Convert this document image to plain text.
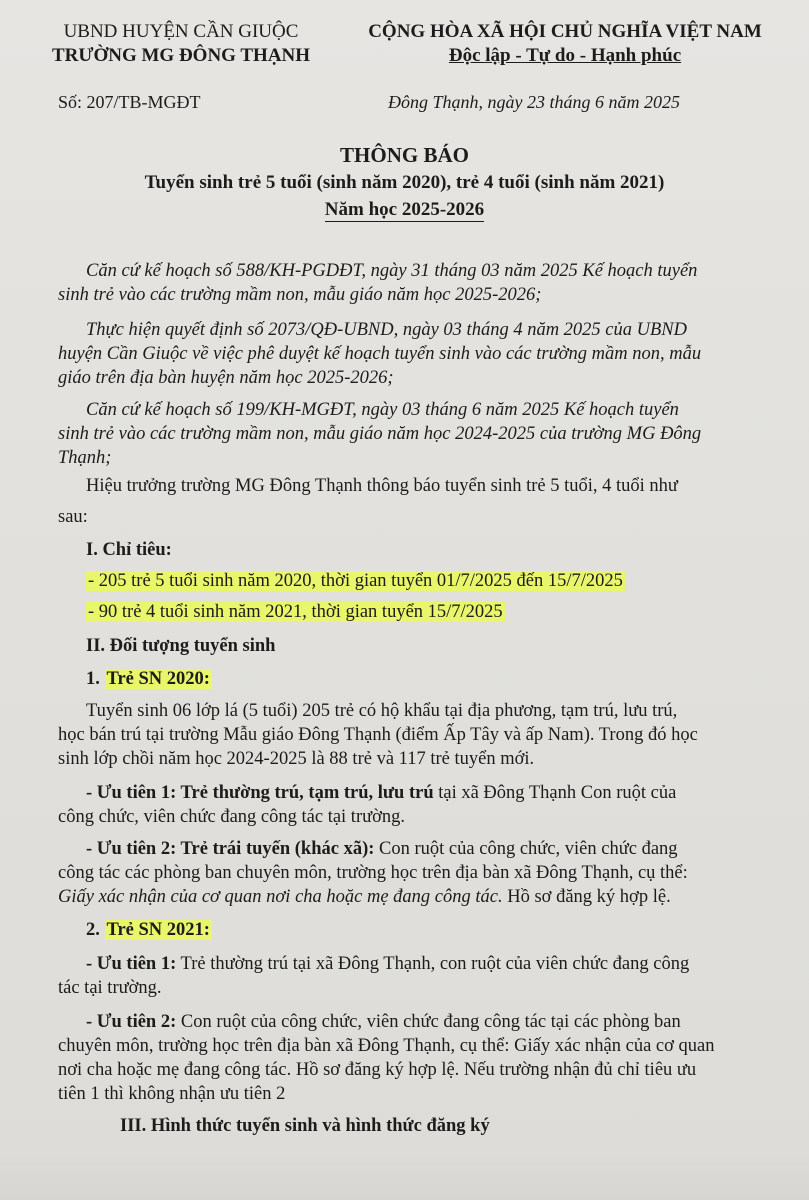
UBND HUYỆN CẦN GIUỘC
TRƯỜNG MG ĐÔNG THẠNH
CỘNG HÒA XÃ HỘI CHỦ NGHĨA VIỆT NAM
Độc lập - Tự do - Hạnh phúc
Số: 207/TB-MGĐT	Đông Thạnh, ngày 23 tháng 6 năm 2025
THÔNG BÁO
Tuyển sinh trẻ 5 tuổi (sinh năm 2020), trẻ 4 tuổi (sinh năm 2021)
Năm học 2025-2026
Căn cứ kế hoạch số 588/KH-PGDĐT, ngày 31 tháng 03 năm 2025 Kế hoạch tuyển
sinh trẻ vào các trường mầm non, mẫu giáo năm học 2025-2026;
Thực hiện quyết định số 2073/QĐ-UBND, ngày 03 tháng 4 năm 2025 của UBND
huyện Cần Giuộc về việc phê duyệt kế hoạch tuyển sinh vào các trường mầm non, mẫu
giáo trên địa bàn huyện năm học 2025-2026;
Căn cứ kế hoạch số 199/KH-MGĐT, ngày 03 tháng 6 năm 2025 Kế hoạch tuyển
sinh trẻ vào các trường mầm non, mẫu giáo năm học 2024-2025 của trường MG Đông
Thạnh;
Hiệu trưởng trường MG Đông Thạnh thông báo tuyển sinh trẻ 5 tuổi, 4 tuổi như
sau:
I. Chỉ tiêu:
- 205 trẻ 5 tuổi sinh năm 2020, thời gian tuyển 01/7/2025 đến 15/7/2025
- 90 trẻ 4 tuổi sinh năm 2021, thời gian tuyển 15/7/2025
II. Đối tượng tuyển sinh
1. Trẻ SN 2020:
Tuyển sinh 06 lớp lá (5 tuổi) 205 trẻ có hộ khẩu tại địa phương, tạm trú, lưu trú,
học bán trú tại trường Mẫu giáo Đông Thạnh (điểm Ấp Tây và ấp Nam). Trong đó học
sinh lớp chồi năm học 2024-2025 là 88 trẻ và 117 trẻ tuyển mới.
- Ưu tiên 1: Trẻ thường trú, tạm trú, lưu trú tại xã Đông Thạnh Con ruột của
công chức, viên chức đang công tác tại trường.
- Ưu tiên 2: Trẻ trái tuyến (khác xã): Con ruột của công chức, viên chức đang
công tác các phòng ban chuyên môn, trường học trên địa bàn xã Đông Thạnh, cụ thể:
Giấy xác nhận của cơ quan nơi cha hoặc mẹ đang công tác. Hồ sơ đăng ký hợp lệ.
2. Trẻ SN 2021:
- Ưu tiên 1: Trẻ thường trú tại xã Đông Thạnh, con ruột của viên chức đang công
tác tại trường.
- Ưu tiên 2: Con ruột của công chức, viên chức đang công tác tại các phòng ban
chuyên môn, trường học trên địa bàn xã Đông Thạnh, cụ thể: Giấy xác nhận của cơ quan
nơi cha hoặc mẹ đang công tác. Hồ sơ đăng ký hợp lệ. Nếu trường nhận đủ chỉ tiêu ưu
tiên 1 thì không nhận ưu tiên 2
III. Hình thức tuyển sinh và hình thức đăng ký
